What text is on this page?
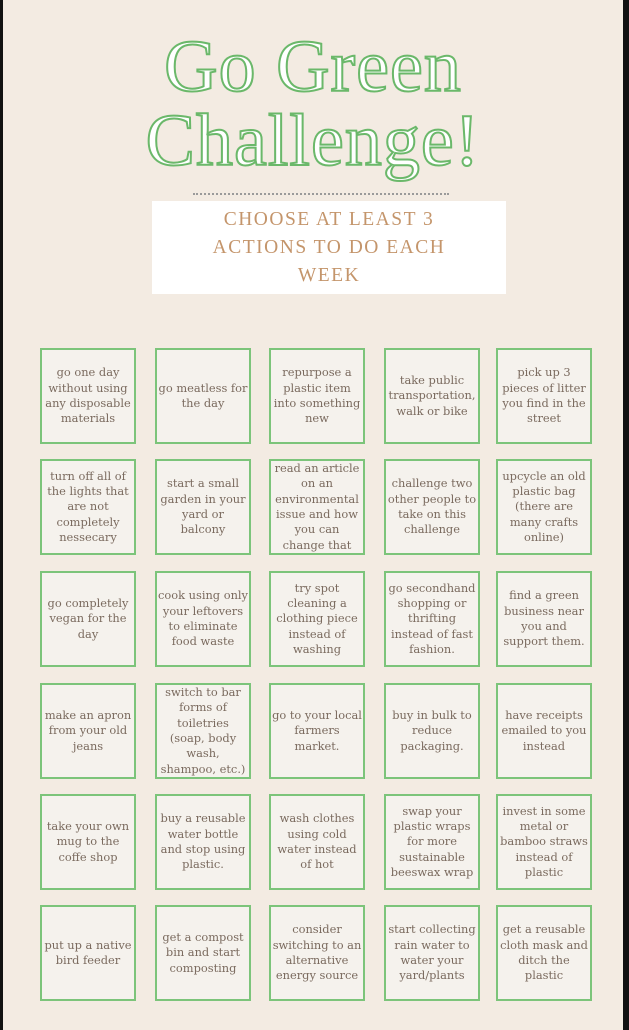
Go Green
Challenge!
CHOOSE AT LEAST 3 ACTIONS TO DO EACH WEEK
go one day without using any disposable materials
go meatless for the day
repurpose a plastic item into something new
take public transportation, walk or bike
pick up 3 pieces of litter you find in the street
turn off all of the lights that are not completely nessecary
start a small garden in your yard or balcony
read an article on an environmental issue and how you can change that
challenge two other people to take on this challenge
upcycle an old plastic bag (there are many crafts online)
go completely vegan for the day
cook using only your leftovers to eliminate food waste
try spot cleaning a clothing piece instead of washing
go secondhand shopping or thrifting instead of fast fashion.
find a green business near you and support them.
make an apron from your old jeans
switch to bar forms of toiletries (soap, body wash, shampoo, etc.)
go to your local farmers market.
buy in bulk to reduce packaging.
have receipts emailed to you instead
take your own mug to the coffe shop
buy a reusable water bottle and stop using plastic.
wash clothes using cold water instead of hot
swap your plastic wraps for more sustainable beeswax wrap
invest in some metal or bamboo straws instead of plastic
put up a native bird feeder
get a compost bin and start composting
consider switching to an alternative energy source
start collecting rain water to water your yard/plants
get a reusable cloth mask and ditch the plastic
